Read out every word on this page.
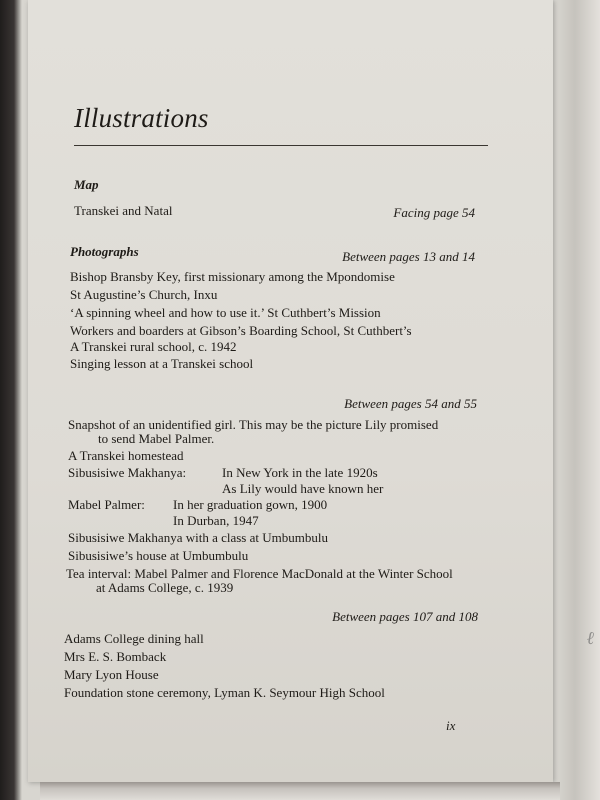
Illustrations
Map
Transkei and Natal	Facing page 54
Photographs	Between pages 13 and 14
Bishop Bransby Key, first missionary among the Mpondomise
St Augustine’s Church, Inxu
‘A spinning wheel and how to use it.’ St Cuthbert’s Mission
Workers and boarders at Gibson’s Boarding School, St Cuthbert’s
A Transkei rural school, c. 1942
Singing lesson at a Transkei school
Between pages 54 and 55
Snapshot of an unidentified girl. This may be the picture Lily promised
to send Mabel Palmer.
A Transkei homestead
Sibusisiwe Makhanya:	In New York in the late 1920s
As Lily would have known her
Mabel Palmer: In her graduation gown, 1900
In Durban, 1947
Sibusisiwe Makhanya with a class at Umbumbulu
Sibusisiwe’s house at Umbumbulu
Tea interval: Mabel Palmer and Florence MacDonald at the Winter School
at Adams College, c. 1939
Between pages 107 and 108
Adams College dining hall
Mrs E. S. Bomback
Mary Lyon House
Foundation stone ceremony, Lyman K. Seymour High School
ix
ℓ
